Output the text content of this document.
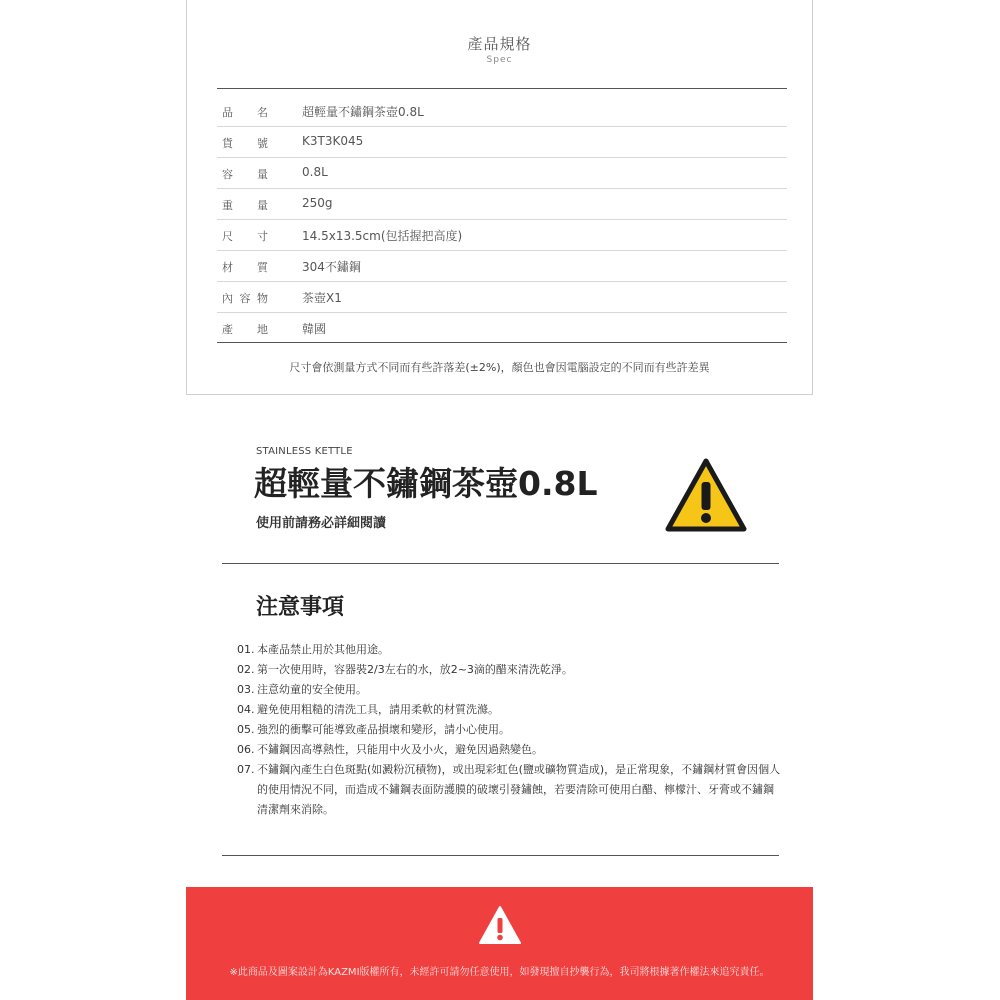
產品規格
Spec
品名	超輕量不鏽鋼茶壺0.8L
貨號	K3T3K045
容量	0.8L
重量	250g
尺寸	14.5x13.5cm(包括握把高度)
材質	304不鏽鋼
內容物	茶壺X1
產地	韓國
尺寸會依測量方式不同而有些許落差(±2%)，顏色也會因電腦設定的不同而有些許差異
STAINLESS KETTLE
超輕量不鏽鋼茶壺0.8L
使用前請務必詳細閱讀
注意事項
01. 本產品禁止用於其他用途。
02. 第一次使用時，容器裝2/3左右的水，放2~3滴的醋來清洗乾淨。
03. 注意幼童的安全使用。
04. 避免使用粗糙的清洗工具，請用柔軟的材質洗滌。
05. 強烈的衝擊可能導致產品損壞和變形，請小心使用。
06. 不鏽鋼因高導熱性，只能用中火及小火，避免因過熱變色。
07. 不鏽鋼內產生白色斑點(如澱粉沉積物)，或出現彩虹色(鹽或礦物質造成)，是正常現象，不鏽鋼材質會因個人的使用情況不同，而造成不鏽鋼表面防護膜的破壞引發鏽蝕，若要清除可使用白醋、檸檬汁、牙膏或不鏽鋼清潔劑來消除。
※此商品及圖案設計為KAZMI版權所有，未經許可請勿任意使用，如發現擅自抄襲行為，我司將根據著作權法來追究責任。
